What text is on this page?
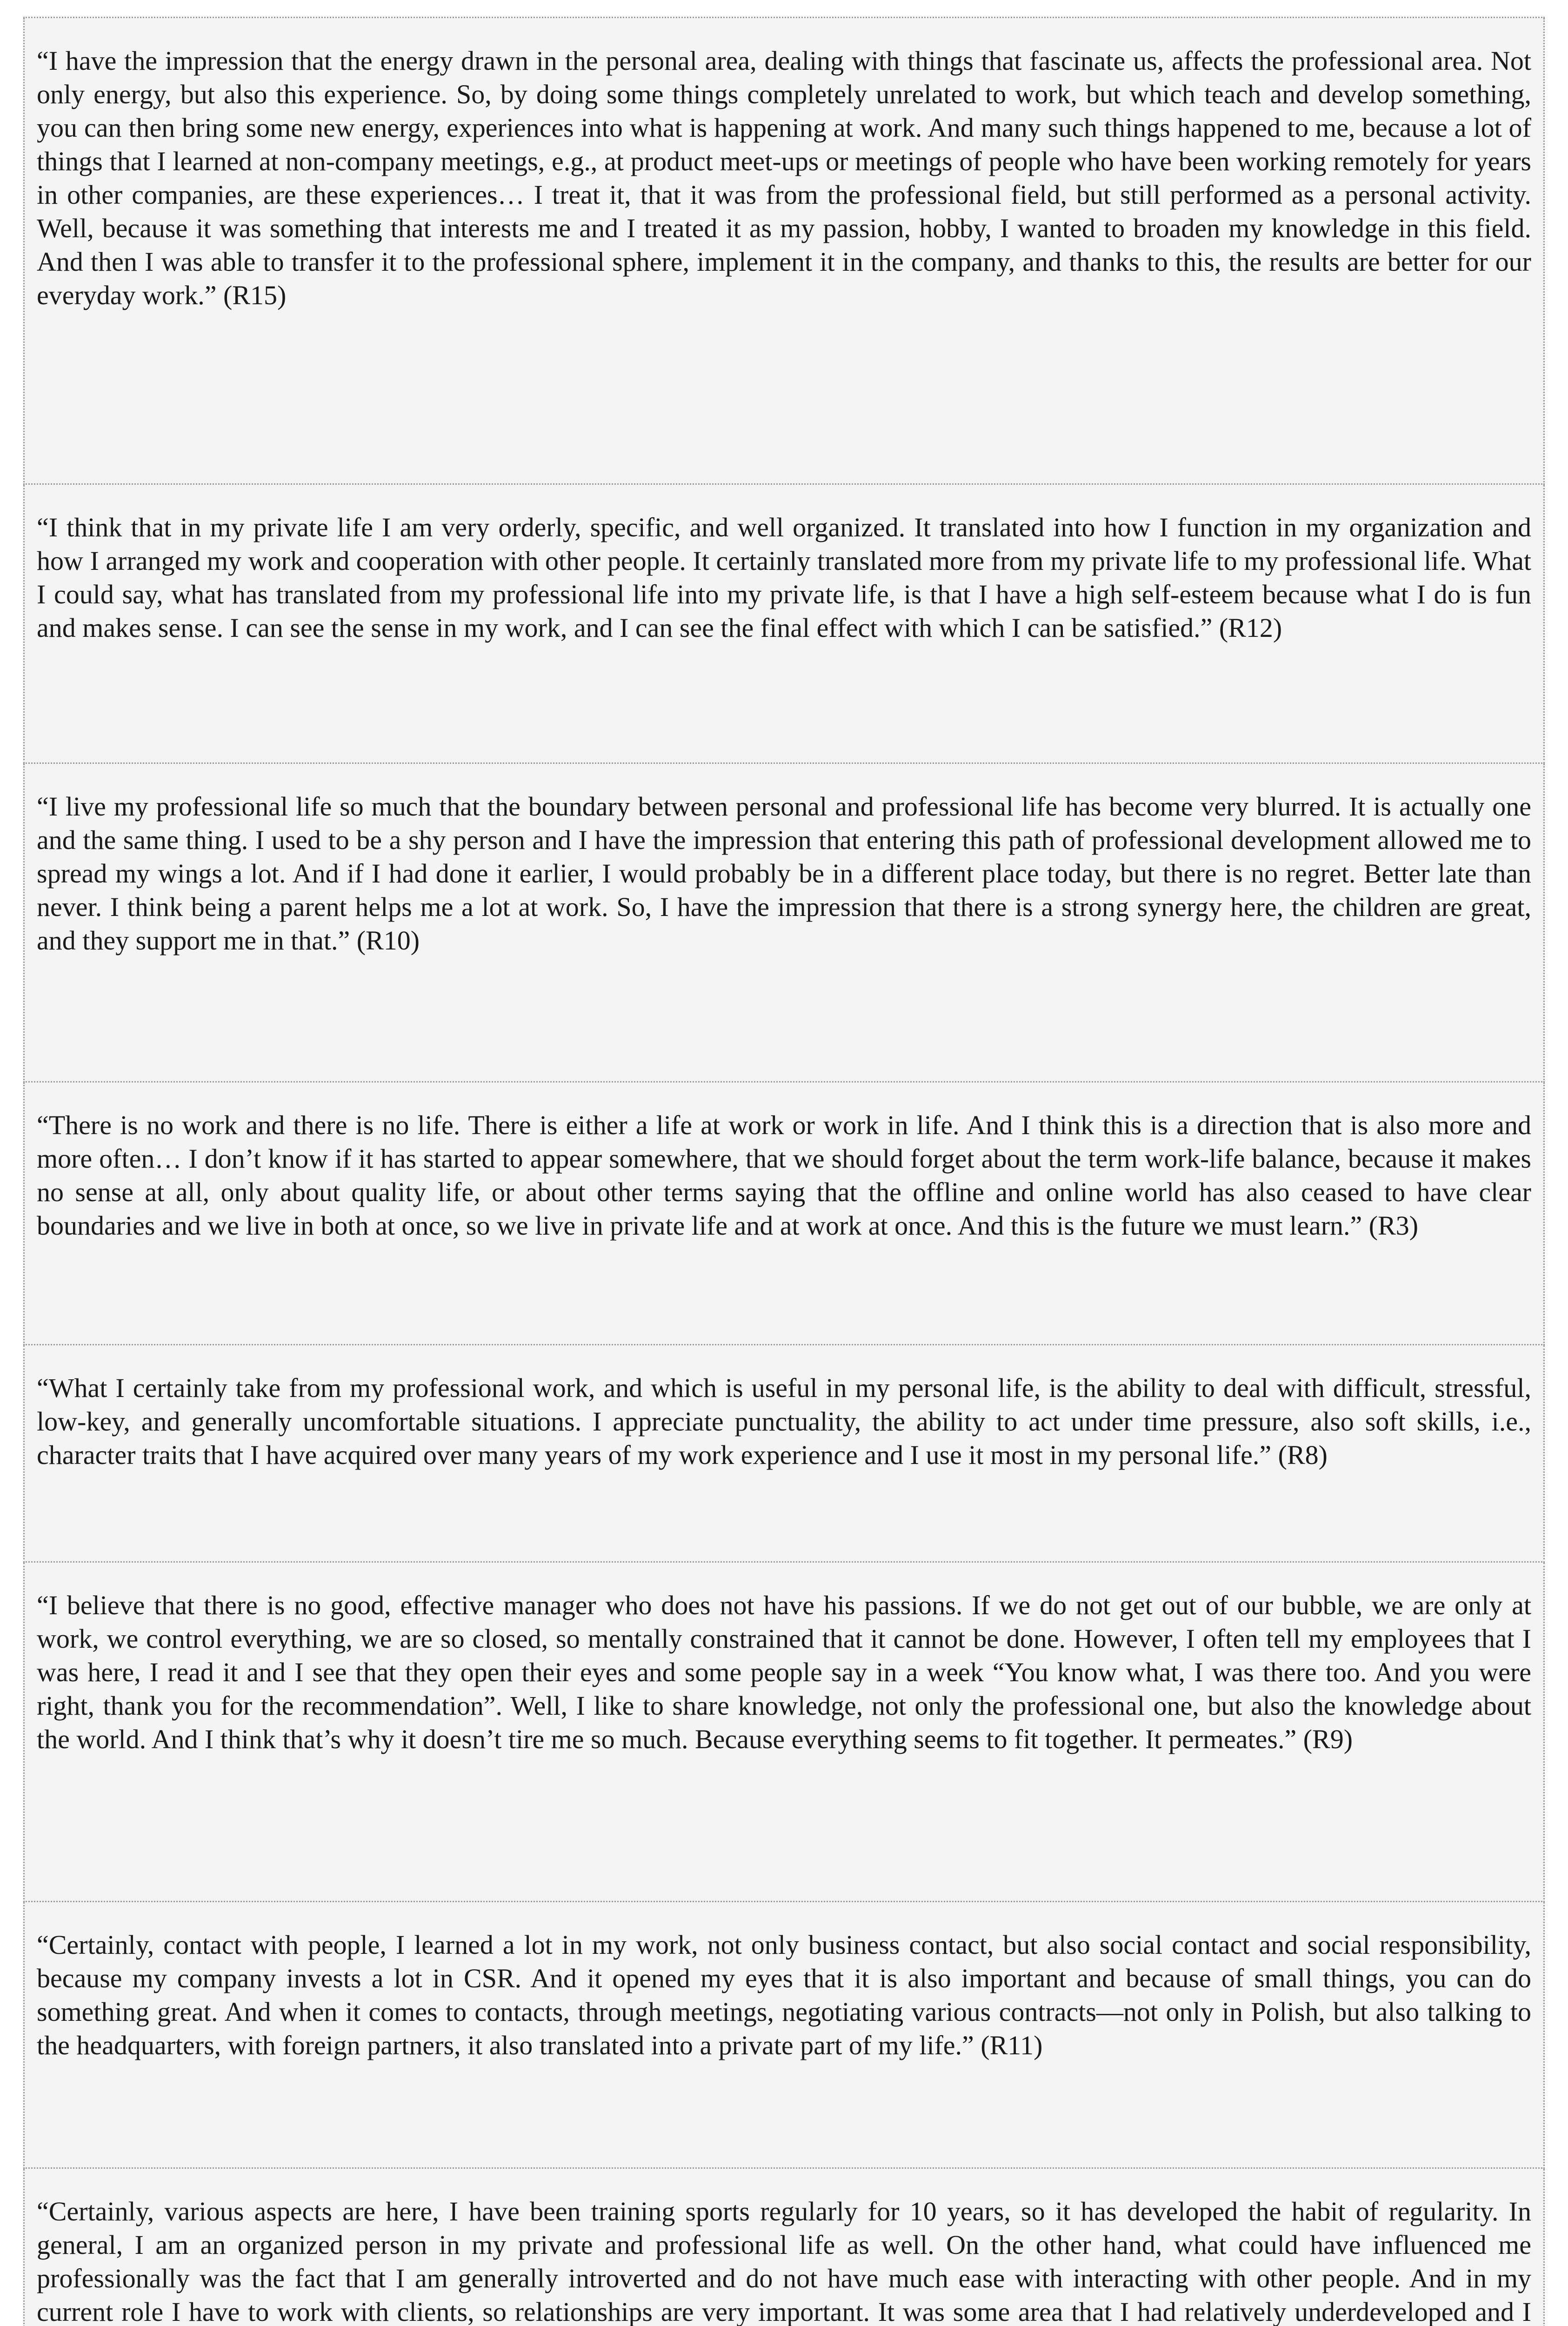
“I have the impression that the energy drawn in the personal area, dealing with things that fascinate us, affects the professional area. Not only energy, but also this experience. So, by doing some things completely unrelated to work, but which teach and develop something, you can then bring some new energy, experiences into what is happening at work. And many such things happened to me, because a lot of things that I learned at non-company meetings, e.g., at product meet-ups or meetings of people who have been working remotely for years in other companies, are these experiences… I treat it, that it was from the professional field, but still performed as a personal activity. Well, because it was something that interests me and I treated it as my passion, hobby, I wanted to broaden my knowledge in this field. And then I was able to transfer it to the professional sphere, implement it in the company, and thanks to this, the results are better for our everyday work.” (R15)

“I think that in my private life I am very orderly, specific, and well organized. It translated into how I function in my organization and how I arranged my work and cooperation with other people. It certainly translated more from my private life to my professional life. What I could say, what has translated from my professional life into my private life, is that I have a high self-esteem because what I do is fun and makes sense. I can see the sense in my work, and I can see the final effect with which I can be satisfied.” (R12)

“I live my professional life so much that the boundary between personal and professional life has become very blurred. It is actually one and the same thing. I used to be a shy person and I have the impression that entering this path of professional development allowed me to spread my wings a lot. And if I had done it earlier, I would probably be in a different place today, but there is no regret. Better late than never. I think being a parent helps me a lot at work. So, I have the impression that there is a strong synergy here, the children are great, and they support me in that.” (R10)

“There is no work and there is no life. There is either a life at work or work in life. And I think this is a direction that is also more and more often… I don’t know if it has started to appear somewhere, that we should forget about the term work-life balance, because it makes no sense at all, only about quality life, or about other terms saying that the offline and online world has also ceased to have clear boundaries and we live in both at once, so we live in private life and at work at once. And this is the future we must learn.” (R3)

“What I certainly take from my professional work, and which is useful in my personal life, is the ability to deal with difficult, stressful, low-key, and generally uncomfortable situations. I appreciate punctuality, the ability to act under time pressure, also soft skills, i.e., character traits that I have acquired over many years of my work experience and I use it most in my personal life.” (R8)

“I believe that there is no good, effective manager who does not have his passions. If we do not get out of our bubble, we are only at work, we control everything, we are so closed, so mentally constrained that it cannot be done. However, I often tell my employees that I was here, I read it and I see that they open their eyes and some people say in a week “You know what, I was there too. And you were right, thank you for the recommendation”. Well, I like to share knowledge, not only the professional one, but also the knowledge about the world. And I think that’s why it doesn’t tire me so much. Because everything seems to fit together. It permeates.” (R9)

“Certainly, contact with people, I learned a lot in my work, not only business contact, but also social contact and social responsibility, because my company invests a lot in CSR. And it opened my eyes that it is also important and because of small things, you can do something great. And when it comes to contacts, through meetings, negotiating various contracts—not only in Polish, but also talking to the headquarters, with foreign partners, it also translated into a private part of my life.” (R11)

“Certainly, various aspects are here, I have been training sports regularly for 10 years, so it has developed the habit of regularity. In general, I am an organized person in my private and professional life as well. On the other hand, what could have influenced me professionally was the fact that I am generally introverted and do not have much ease with interacting with other people. And in my current role I have to work with clients, so relationships are very important. It was some area that I had relatively underdeveloped and I
